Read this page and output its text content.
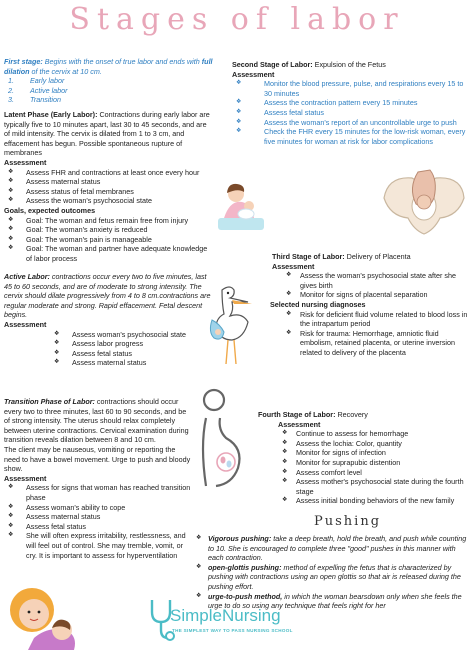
Stages of labor
First stage: Begins with the onset of true labor and ends with full dilation of the cervix at 10 cm.
1.	Early labor
2.	Active labor
3.	Transition
Latent Phase (Early Labor): Contractions during early labor are typically five to 10 minutes apart, last 30 to 45 seconds, and are of mild intensity. The cervix is dilated from 1 to 3 cm, and effacement has begun. Possible spontaneous rupture of membranes
Assessment
❖
Assess FHR and contractions at least once every hour
❖
Assess maternal status
❖
Assess status of fetal membranes
❖
Assess the woman's psychosocial state
Goals, expected outcomes
❖
Goal: The woman and fetus remain free from injury
❖
Goal: The woman's anxiety is reduced
❖
Goal: The woman's pain is manageable
❖
Goal: The woman and partner have adequate knowledge of labor process
Active Labor: contractions occur every two to five minutes, last 45 to 60 seconds, and are of moderate to strong intensity. The cervix should dilate progressively from 4 to 8 cm.contractions are regular moderate and strong. Rapid effacement. Fetal descent begins.
Assessment
❖
Assess woman's psychosocial state
❖
Assess labor progress
❖
Assess fetal status
❖
Assess maternal status
Transition Phase of Labor: contractions should occur every two to three minutes, last 60 to 90 seconds, and be of strong intensity. The uterus should relax completely between uterine contractions. Cervical examination during transition reveals dilation between 8 and 10 cm.
The client may be nauseous, vomiting or reporting the need to have a bowel movement. Urge to push and bloody show.
Assessment
❖
Assess for signs that woman has reached transition phase
❖
Assess woman's ability to cope
❖
Assess maternal status
❖
Assess fetal status
❖
She will often express irritability, restlessness, and will feel out of control. She may tremble, vomit, or cry. It is important to assess for hyperventilation
Second Stage of Labor: Expulsion of the Fetus
Assessment
❖
Monitor the blood pressure, pulse, and respirations every 15 to 30 minutes
❖
Assess the contraction pattern every 15 minutes
❖
Assess fetal status
❖
Assess the woman's report of an uncontrollable urge to push
❖
Check the FHR every 15 minutes for the low-risk woman, every five minutes for woman at risk for labor complications
Third Stage of Labor: Delivery of Placenta
Assessment
❖
Assess the woman's psychosocial state after she gives birth
❖
Monitor for signs of placental separation
Selected nursing diagnoses
❖
Risk for deficient fluid volume related to blood loss in the intrapartum period
❖
Risk for trauma: Hemorrhage, amniotic fluid embolism, retained placenta, or uterine inversion related to delivery of the placenta
Fourth Stage of Labor: Recovery
Assessment
❖
Continue to assess for hemorrhage
❖
Assess the lochia: Color, quantity
❖
Monitor for signs of infection
❖
Monitor for suprapubic distention
❖
Assess comfort level
❖
Assess mother's psychosocial state during the fourth stage
❖
Assess initial bonding behaviors of the new family
Pushing
❖
Vigorous pushing: take a deep breath, hold the breath, and push while counting to 10. She is encouraged to complete three "good" pushes in this manner with each contraction.
❖
open-glottis pushing: method of expelling the fetus that is characterized by pushing with contractions using an open glottis so that air is released during the pushing effort.
❖
urge-to-push method, in which the woman bearsdown only when she feels the urge to do so using any technique that feels right for her
SimpleNursing
THE SIMPLEST WAY TO PASS NURSING SCHOOL
